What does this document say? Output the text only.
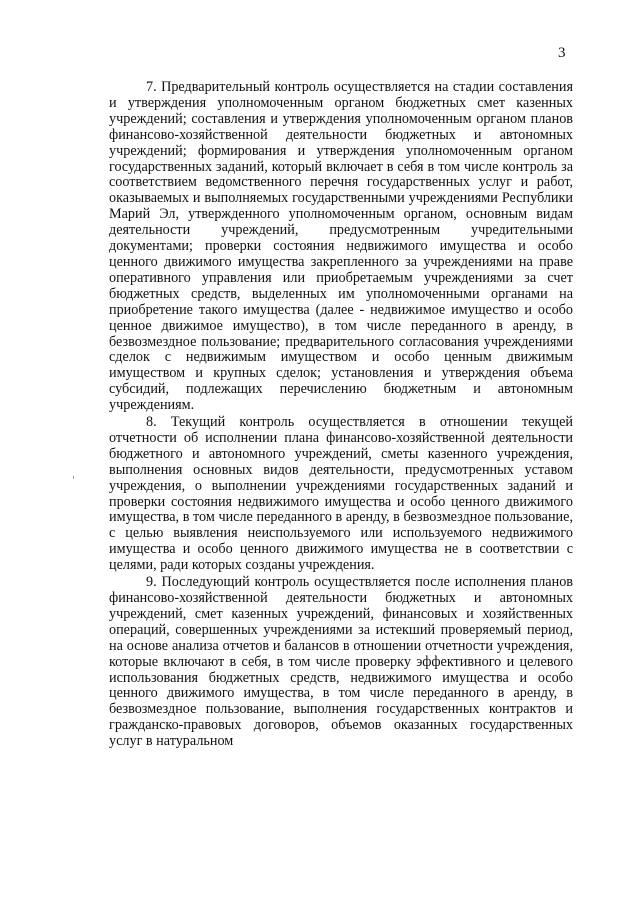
3

7. Предварительный контроль осуществляется на стадии составления и утверждения уполномоченным органом бюджетных смет казенных учреждений; составления и утверждения уполномоченным органом планов финансово-хозяйственной деятельности бюджетных и автономных учреждений; формирования и утверждения уполномоченным органом государственных заданий, который включает в себя в том числе контроль за соответствием ведомственного перечня государственных услуг и работ, оказываемых и выполняемых государственными учреждениями Республики Марий Эл, утвержденного уполномоченным органом, основным видам деятельности учреждений, предусмотренным учредительными документами; проверки состояния недвижимого имущества и особо ценного движимого имущества закрепленного за учреждениями на праве оперативного управления или приобретаемым учреждениями за счет бюджетных средств, выделенных им уполномоченными органами на приобретение такого имущества (далее - недвижимое имущество и особо ценное движимое имущество), в том числе переданного в аренду, в безвозмездное пользование; предварительного согласования учреждениями сделок с недвижимым имуществом и особо ценным движимым имуществом и крупных сделок; установления и утверждения объема субсидий, подлежащих перечислению бюджетным и автономным учреждениям.

8. Текущий контроль осуществляется в отношении текущей отчетности об исполнении плана финансово-хозяйственной деятельности бюджетного и автономного учреждений, сметы казенного учреждения, выполнения основных видов деятельности, предусмотренных уставом учреждения, о выполнении учреждениями государственных заданий и проверки состояния недвижимого имущества и особо ценного движимого имущества, в том числе переданного в аренду, в безвозмездное пользование, с целью выявления неиспользуемого или используемого недвижимого имущества и особо ценного движимого имущества не в соответствии с целями, ради которых созданы учреждения.

9. Последующий контроль осуществляется после исполнения планов финансово-хозяйственной деятельности бюджетных и автономных учреждений, смет казенных учреждений, финансовых и хозяйственных операций, совершенных учреждениями за истекший проверяемый период, на основе анализа отчетов и балансов в отношении отчетности учреждения, которые включают в себя, в том числе проверку эффективного и целевого использования бюджетных средств, недвижимого имущества и особо ценного движимого имущества, в том числе переданного в аренду, в безвозмездное пользование, выполнения государственных контрактов и гражданско-правовых договоров, объемов оказанных государственных услуг в натуральном
